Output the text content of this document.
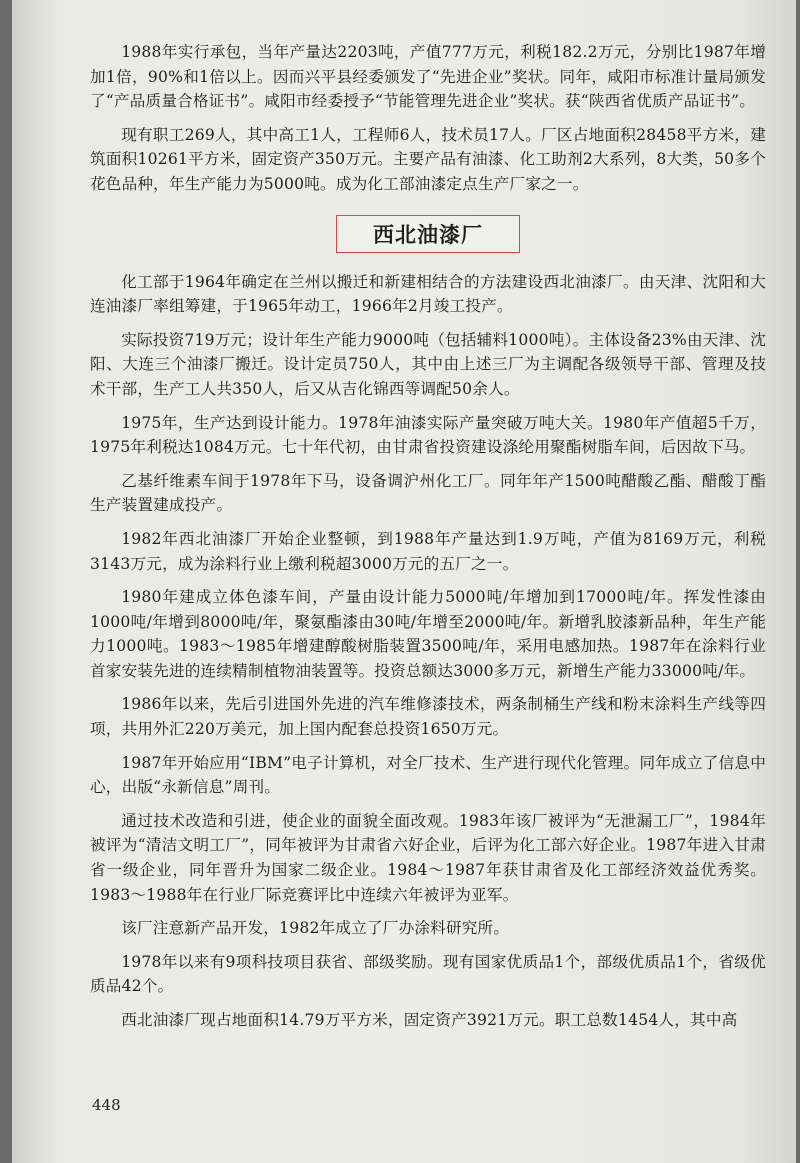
1988年实行承包，当年产量达2203吨，产值777万元，利税182.2万元，分别比1987年增加1倍，90%和1倍以上。因而兴平县经委颁发了“先进企业”奖状。同年，咸阳市标准计量局颁发了“产品质量合格证书”。咸阳市经委授予“节能管理先进企业”奖状。获“陕西省优质产品证书”。

现有职工269人，其中高工1人，工程师6人，技术员17人。厂区占地面积28458平方米，建筑面积10261平方米，固定资产350万元。主要产品有油漆、化工助剂2大系列，8大类，50多个花色品种，年生产能力为5000吨。成为化工部油漆定点生产厂家之一。

西北油漆厂

化工部于1964年确定在兰州以搬迁和新建相结合的方法建设西北油漆厂。由天津、沈阳和大连油漆厂率组筹建，于1965年动工，1966年2月竣工投产。

实际投资719万元；设计年生产能力9000吨（包括辅料1000吨）。主体设备23%由天津、沈阳、大连三个油漆厂搬迁。设计定员750人，其中由上述三厂为主调配各级领导干部、管理及技术干部，生产工人共350人，后又从吉化锦西等调配50余人。

1975年，生产达到设计能力。1978年油漆实际产量突破万吨大关。1980年产值超5千万，1975年利税达1084万元。七十年代初，由甘肃省投资建设涤纶用聚酯树脂车间，后因故下马。

乙基纤维素车间于1978年下马，设备调沪州化工厂。同年年产1500吨醋酸乙酯、醋酸丁酯生产装置建成投产。

1982年西北油漆厂开始企业整顿，到1988年产量达到1.9万吨，产值为8169万元，利税3143万元，成为涂料行业上缴利税超3000万元的五厂之一。

1980年建成立体色漆车间，产量由设计能力5000吨/年增加到17000吨/年。挥发性漆由1000吨/年增到8000吨/年，聚氨酯漆由30吨/年增至2000吨/年。新增乳胶漆新品种，年生产能力1000吨。1983～1985年增建醇酸树脂装置3500吨/年，采用电感加热。1987年在涂料行业首家安装先进的连续精制植物油装置等。投资总额达3000多万元，新增生产能力33000吨/年。

1986年以来，先后引进国外先进的汽车维修漆技术，两条制桶生产线和粉末涂料生产线等四项，共用外汇220万美元，加上国内配套总投资1650万元。

1987年开始应用“IBM”电子计算机，对全厂技术、生产进行现代化管理。同年成立了信息中心，出版“永新信息”周刊。

通过技术改造和引进，使企业的面貌全面改观。1983年该厂被评为“无泄漏工厂”，1984年被评为“清洁文明工厂”，同年被评为甘肃省六好企业，后评为化工部六好企业。1987年进入甘肃省一级企业，同年晋升为国家二级企业。1984～1987年获甘肃省及化工部经济效益优秀奖。1983～1988年在行业厂际竞赛评比中连续六年被评为亚军。

该厂注意新产品开发，1982年成立了厂办涂料研究所。

1978年以来有9项科技项目获省、部级奖励。现有国家优质品1个，部级优质品1个，省级优质品42个。

西北油漆厂现占地面积14.79万平方米，固定资产3921万元。职工总数1454人，其中高

448
